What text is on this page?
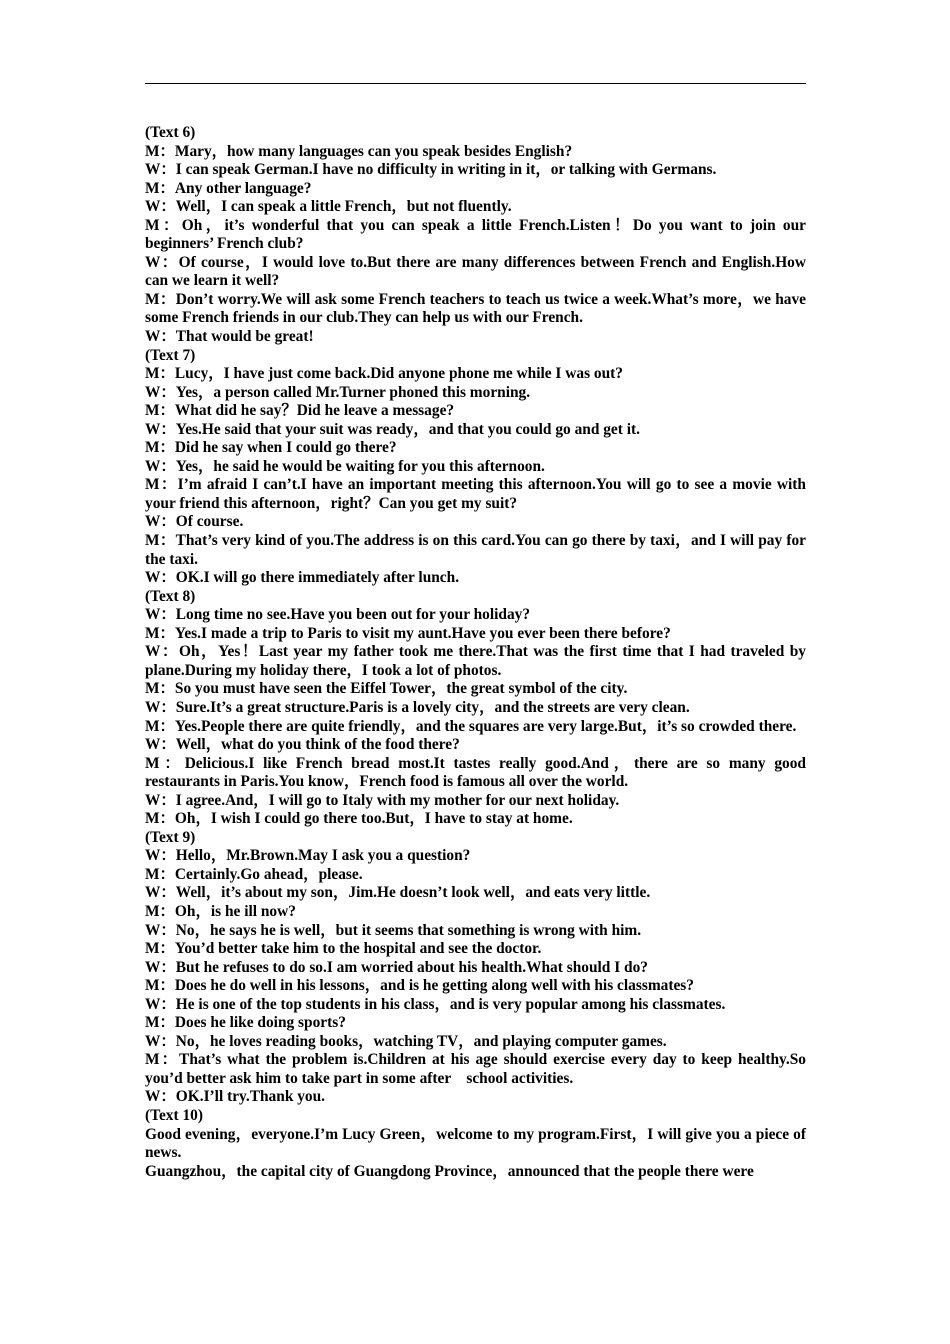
(Text 6)

M：Mary，how many languages can you speak besides English?

W：I can speak German.I have no difficulty in writing in it，or talking with Germans.

M：Any other language?

W：Well，I can speak a little French，but not fluently.

M：Oh，it’s wonderful that you can speak a little French.Listen！Do you want to join our beginners’ French club?

W：Of course，I would love to.But there are many differences between French and English.How can we learn it well?

M：Don’t worry.We will ask some French teachers to teach us twice a week.What’s more，we have some French friends in our club.They can help us with our French.

W：That would be great!

(Text 7)

M：Lucy，I have just come back.Did anyone phone me while I was out?

W：Yes，a person called Mr.Turner phoned this morning.

M：What did he say？Did he leave a message?

W：Yes.He said that your suit was ready，and that you could go and get it.

M：Did he say when I could go there?

W：Yes，he said he would be waiting for you this afternoon.

M：I’m afraid I can’t.I have an important meeting this afternoon.You will go to see a movie with your friend this afternoon，right？Can you get my suit?

W：Of course.

M：That’s very kind of you.The address is on this card.You can go there by taxi，and I will pay for the taxi.

W：OK.I will go there immediately after lunch.

(Text 8)

W：Long time no see.Have you been out for your holiday?

M：Yes.I made a trip to Paris to visit my aunt.Have you ever been there before?

W：Oh，Yes！Last year my father took me there.That was the first time that I had traveled by plane.During my holiday there，I took a lot of photos.

M：So you must have seen the Eiffel Tower，the great symbol of the city.

W：Sure.It’s a great structure.Paris is a lovely city，and the streets are very clean.

M：Yes.People there are quite friendly，and the squares are very large.But，it’s so crowded there.

W：Well，what do you think of the food there?

M：Delicious.I like French bread most.It tastes really good.And，there are so many good restaurants in Paris.You know，French food is famous all over the world.

W：I agree.And，I will go to Italy with my mother for our next holiday.

M：Oh，I wish I could go there too.But，I have to stay at home.

(Text 9)

W：Hello，Mr.Brown.May I ask you a question?

M：Certainly.Go ahead，please.

W：Well，it’s about my son，Jim.He doesn’t look well，and eats very little.

M：Oh，is he ill now?

W：No，he says he is well，but it seems that something is wrong with him.

M：You’d better take him to the hospital and see the doctor.

W：But he refuses to do so.I am worried about his health.What should I do?

M：Does he do well in his lessons，and is he getting along well with his classmates?

W：He is one of the top students in his class，and is very popular among his classmates.

M：Does he like doing sports?

W：No，he loves reading books，watching TV，and playing computer games.

M：That’s what the problem is.Children at his age should exercise every day to keep healthy.So you’d better ask him to take part in some after　school activities.

W：OK.I’ll try.Thank you.

(Text 10)

Good evening，everyone.I’m Lucy Green，welcome to my program.First，I will give you a piece of news.

Guangzhou，the capital city of Guangdong Province，announced that the people there were
